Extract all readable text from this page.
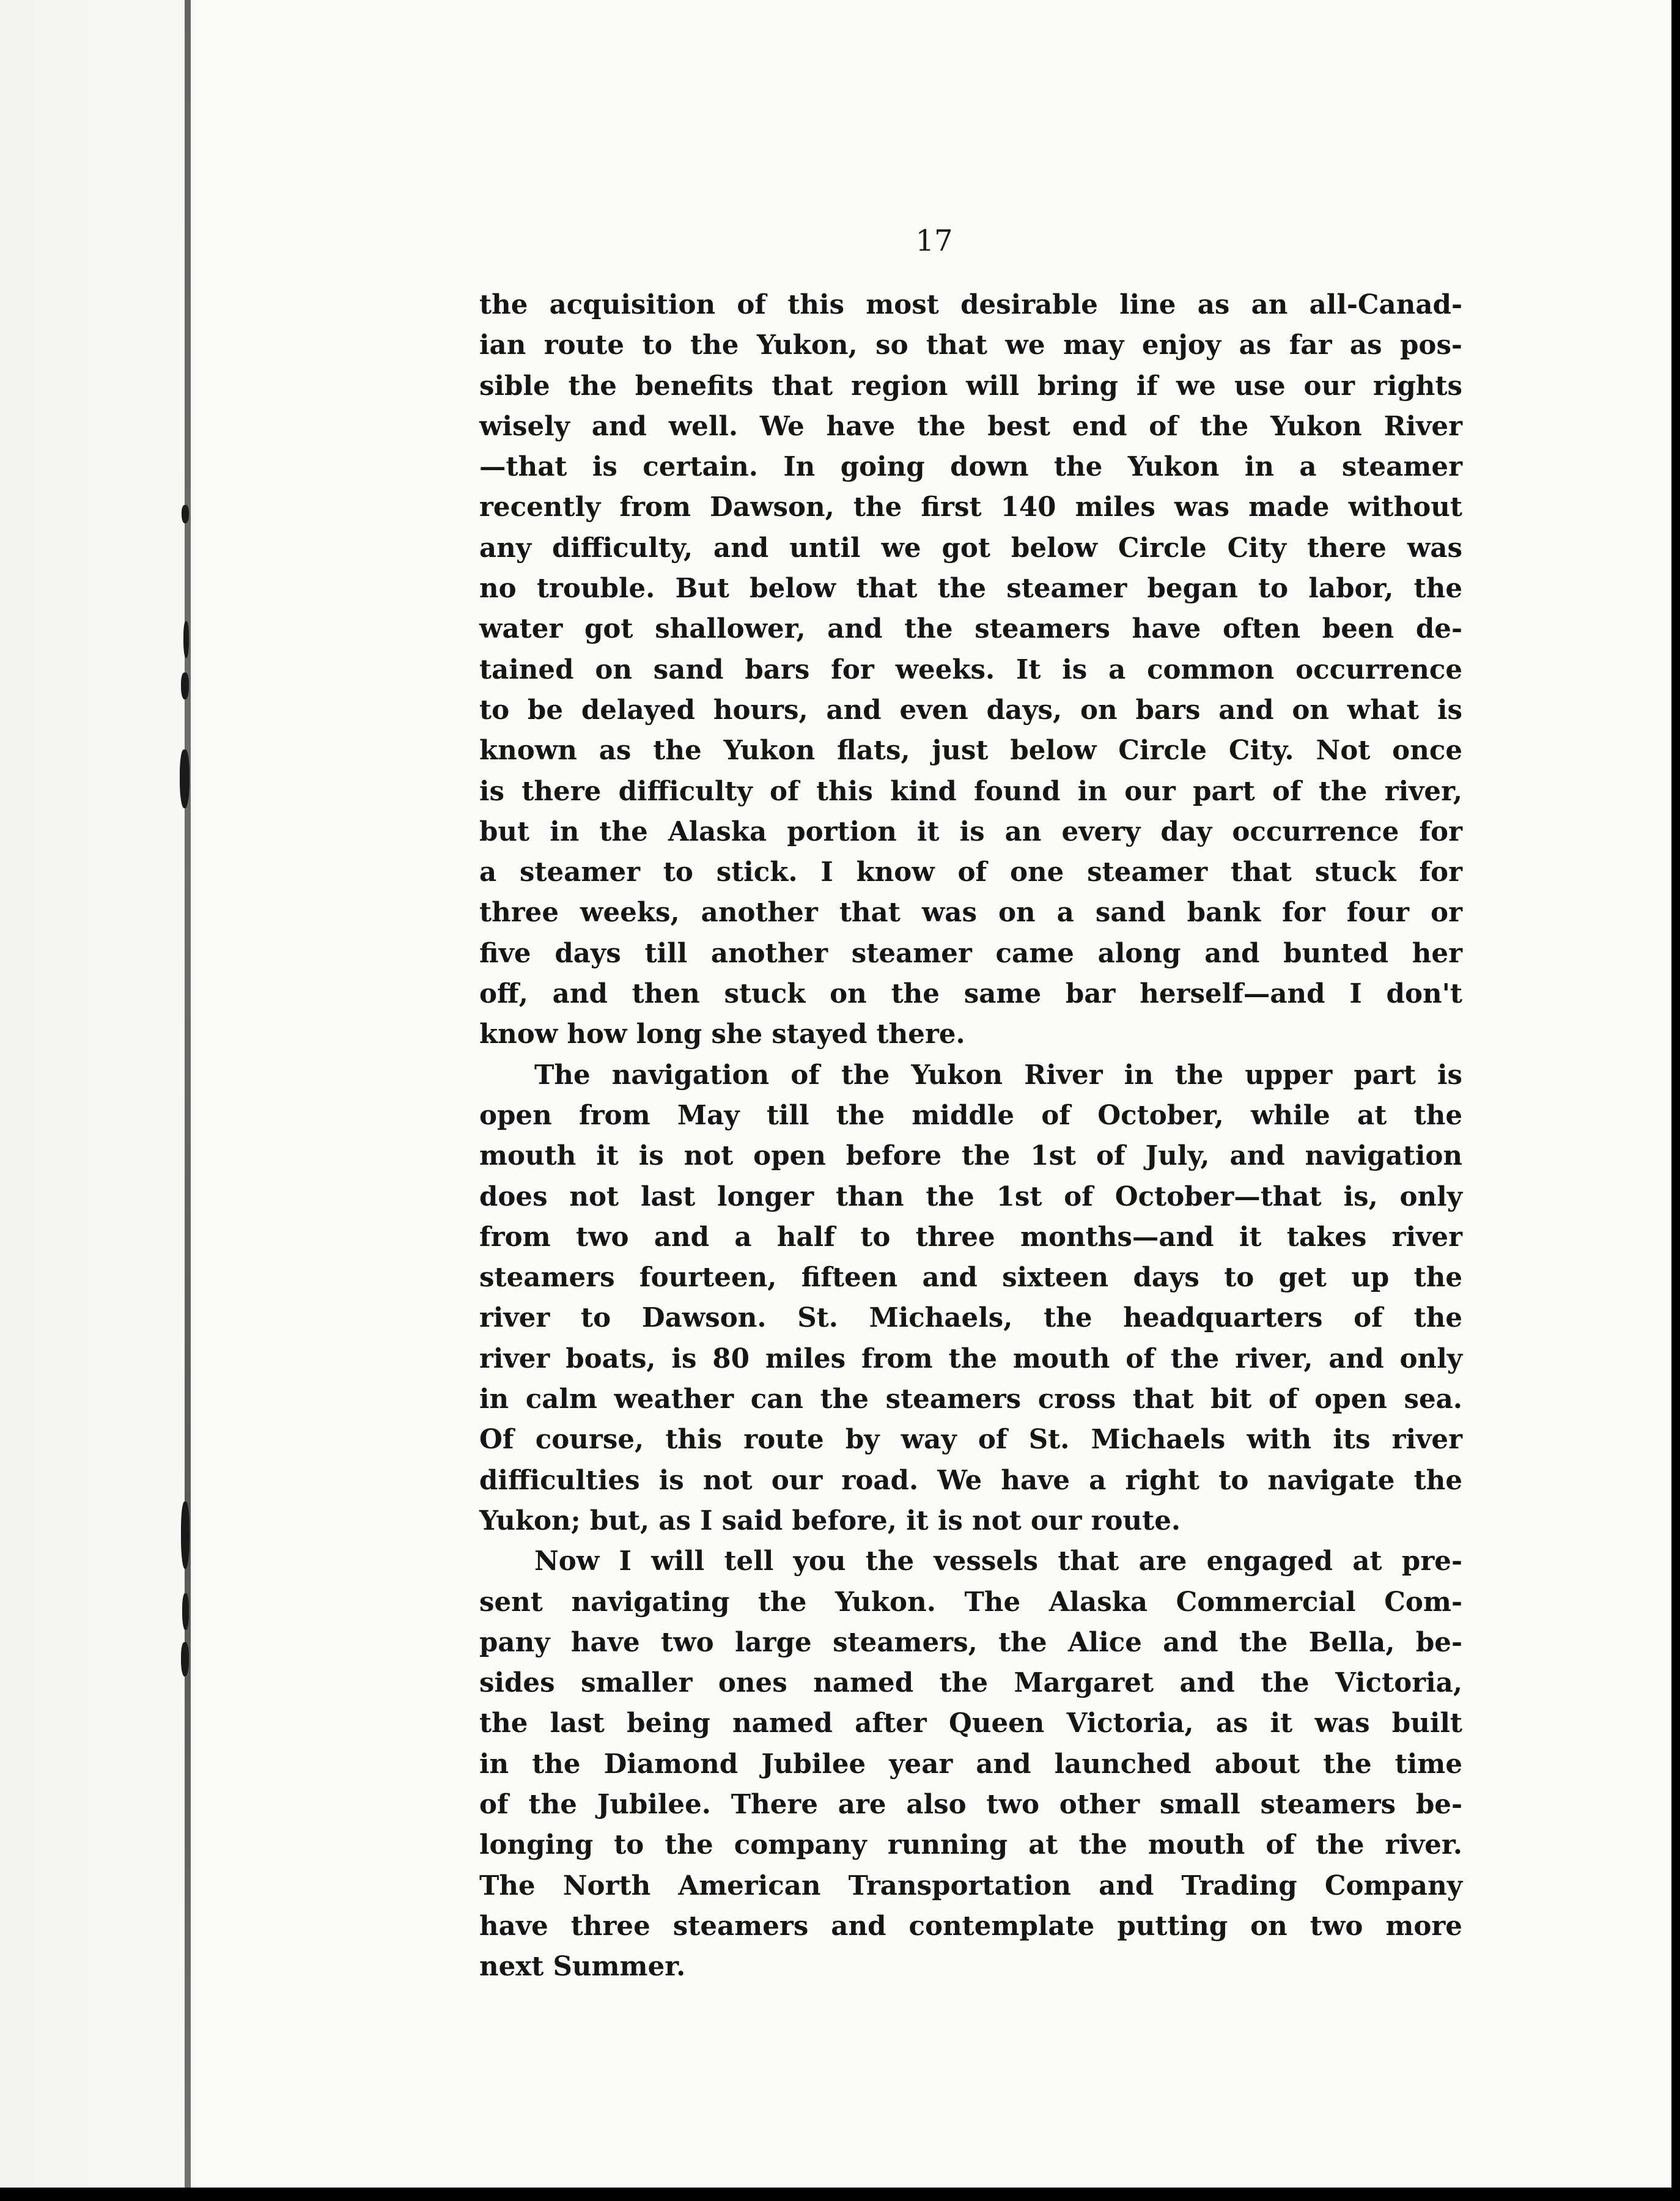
17
the acquisition of this most desirable line as an all-Canad-
ian route to the Yukon, so that we may enjoy as far as pos-
sible the benefits that region will bring if we use our rights
wisely and well. We have the best end of the Yukon River
—that is certain. In going down the Yukon in a steamer
recently from Dawson, the first 140 miles was made without
any difficulty, and until we got below Circle City there was
no trouble. But below that the steamer began to labor, the
water got shallower, and the steamers have often been de-
tained on sand bars for weeks. It is a common occurrence
to be delayed hours, and even days, on bars and on what is
known as the Yukon flats, just below Circle City. Not once
is there difficulty of this kind found in our part of the river,
but in the Alaska portion it is an every day occurrence for
a steamer to stick. I know of one steamer that stuck for
three weeks, another that was on a sand bank for four or
five days till another steamer came along and bunted her
off, and then stuck on the same bar herself—and I don't
know how long she stayed there.
The navigation of the Yukon River in the upper part is
open from May till the middle of October, while at the
mouth it is not open before the 1st of July, and navigation
does not last longer than the 1st of October—that is, only
from two and a half to three months—and it takes river
steamers fourteen, fifteen and sixteen days to get up the
river to Dawson. St. Michaels, the headquarters of the
river boats, is 80 miles from the mouth of the river, and only
in calm weather can the steamers cross that bit of open sea.
Of course, this route by way of St. Michaels with its river
difficulties is not our road. We have a right to navigate the
Yukon; but, as I said before, it is not our route.
Now I will tell you the vessels that are engaged at pre-
sent navigating the Yukon. The Alaska Commercial Com-
pany have two large steamers, the Alice and the Bella, be-
sides smaller ones named the Margaret and the Victoria,
the last being named after Queen Victoria, as it was built
in the Diamond Jubilee year and launched about the time
of the Jubilee. There are also two other small steamers be-
longing to the company running at the mouth of the river.
The North American Transportation and Trading Company
have three steamers and contemplate putting on two more
next Summer.
